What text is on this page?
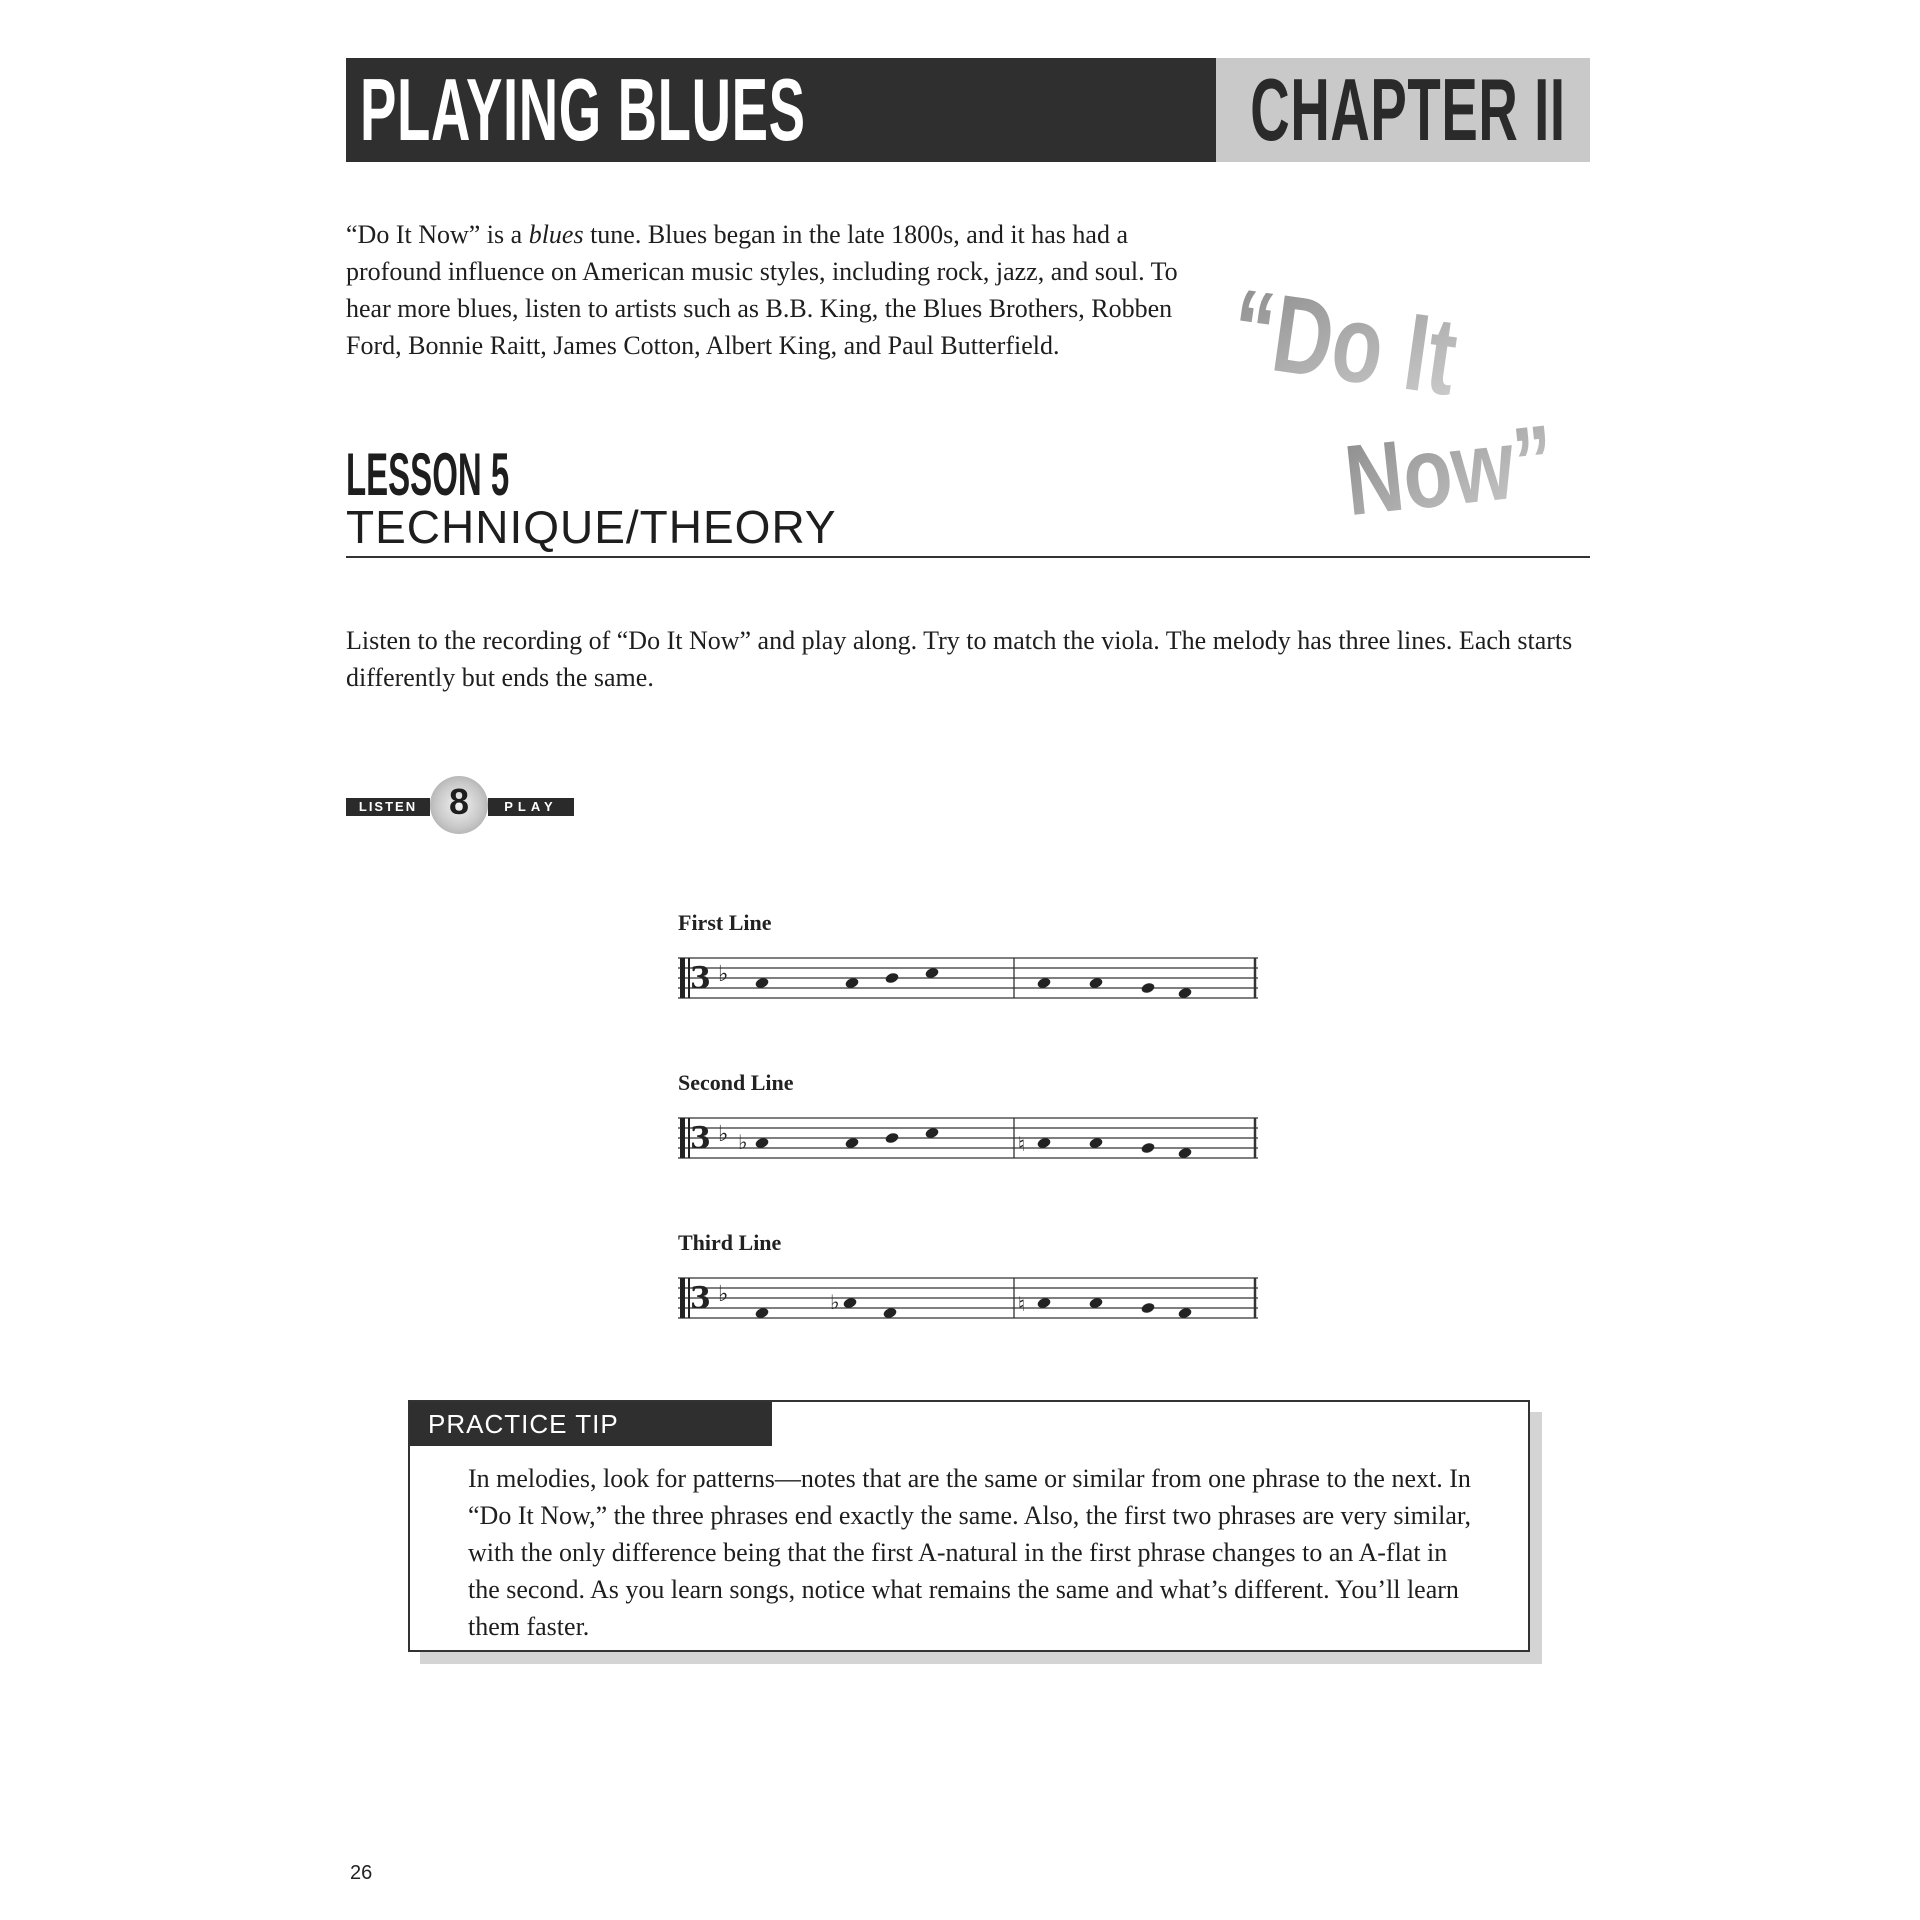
PLAYING BLUES	CHAPTER II

“Do It Now” is a blues tune. Blues began in the late 1800s, and it has had a profound influence on American music styles, including rock, jazz, and soul. To hear more blues, listen to artists such as B.B. King, the Blues Brothers, Robben Ford, Bonnie Raitt, James Cotton, Albert King, and Paul Butterfield.	“Do It
Now”
LESSON 5
TECHNIQUE/THEORY

Listen to the recording of “Do It Now” and play along. Try to match the viola. The melody has three lines. Each starts differently but ends the same.

LISTEN 8	PLAY
First Line
3 ♭
Second Line
3 ♭ ♭	♮
Third Line
3 ♭	♭	♮
PRACTICE TIP

In melodies, look for patterns—notes that are the same or similar from one phrase to the next. In “Do It Now,” the three phrases end exactly the same. Also, the first two phrases are very similar, with the only difference being that the first A-natural in the first phrase changes to an A-flat in the second. As you learn songs, notice what remains the same and what’s different. You’ll learn them faster.

26
